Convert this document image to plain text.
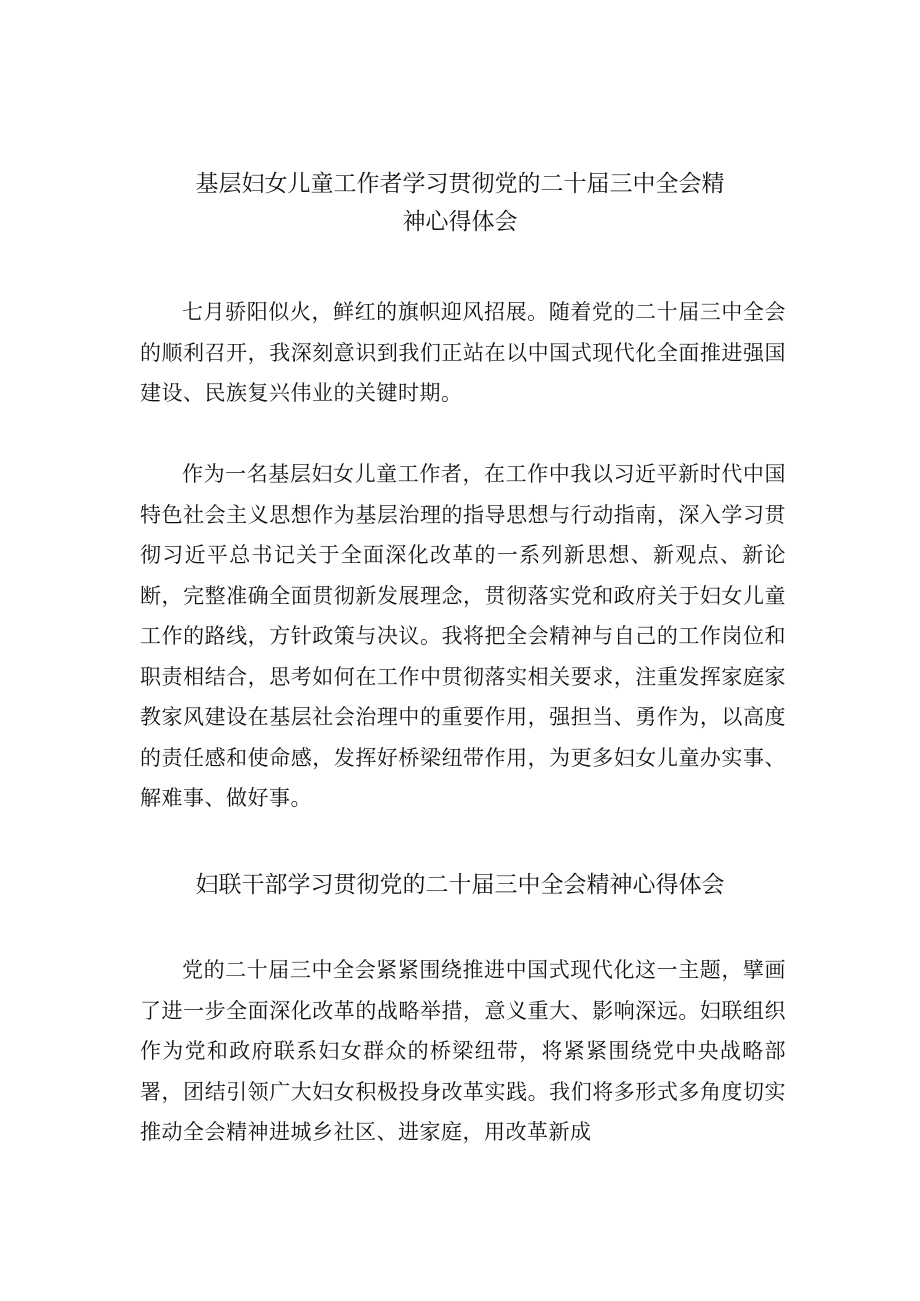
基层妇女儿童工作者学习贯彻党的二十届三中全会精
神心得体会

七月骄阳似火，鲜红的旗帜迎风招展。随着党的二十届三中全会的顺利召开，我深刻意识到我们正站在以中国式现代化全面推进强国建设、民族复兴伟业的关键时期。

作为一名基层妇女儿童工作者，在工作中我以习近平新时代中国特色社会主义思想作为基层治理的指导思想与行动指南，深入学习贯彻习近平总书记关于全面深化改革的一系列新思想、新观点、新论断，完整准确全面贯彻新发展理念，贯彻落实党和政府关于妇女儿童工作的路线，方针政策与决议。我将把全会精神与自己的工作岗位和职责相结合，思考如何在工作中贯彻落实相关要求，注重发挥家庭家教家风建设在基层社会治理中的重要作用，强担当、勇作为，以高度的责任感和使命感，发挥好桥梁纽带作用，为更多妇女儿童办实事、解难事、做好事。

妇联干部学习贯彻党的二十届三中全会精神心得体会

党的二十届三中全会紧紧围绕推进中国式现代化这一主题，擘画了进一步全面深化改革的战略举措，意义重大、影响深远。妇联组织作为党和政府联系妇女群众的桥梁纽带，将紧紧围绕党中央战略部署，团结引领广大妇女积极投身改革实践。我们将多形式多角度切实推动全会精神进城乡社区、进家庭，用改革新成
